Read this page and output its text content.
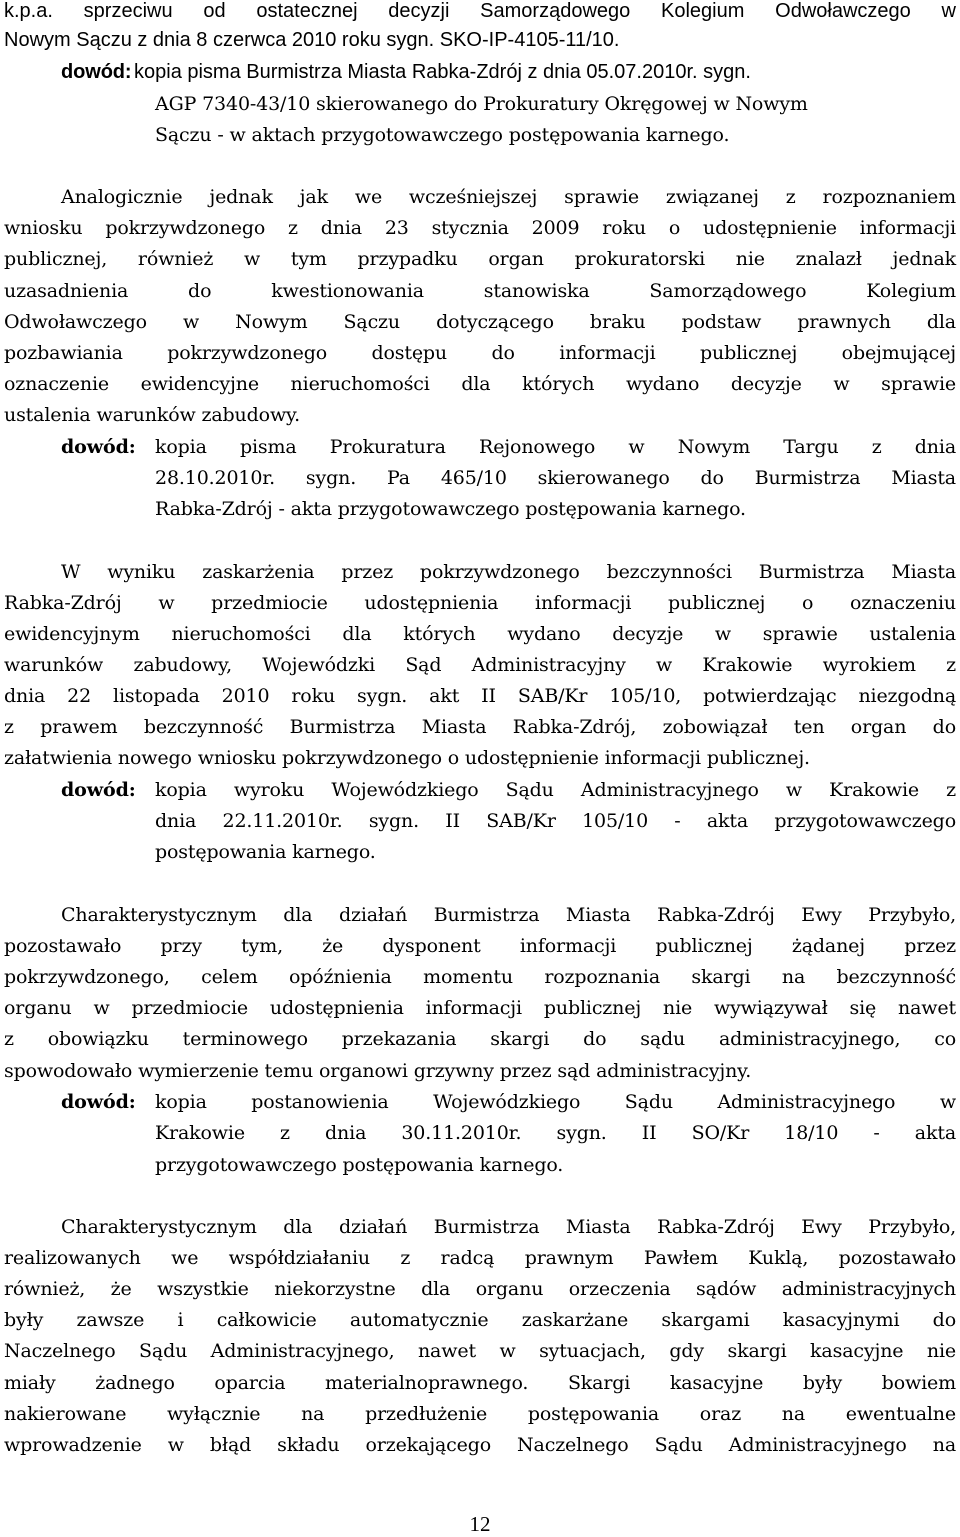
k.p.a. sprzeciwu od ostatecznej decyzji Samorządowego Kolegium Odwoławczego w
Nowym Sączu z dnia 8 czerwca 2010 roku sygn. SKO-IP-4105-11/10.
dowód: kopia pisma Burmistrza Miasta Rabka-Zdrój z dnia 05.07.2010r. sygn.
AGP 7340-43/10 skierowanego do Prokuratury Okręgowej w Nowym
Sączu - w aktach przygotowawczego postępowania karnego.
Analogicznie jednak jak we wcześniejszej sprawie związanej z rozpoznaniem
wniosku pokrzywdzonego z dnia 23 stycznia 2009 roku o udostępnienie informacji
publicznej, również w tym przypadku organ prokuratorski nie znalazł jednak
uzasadnienia do kwestionowania stanowiska Samorządowego Kolegium
Odwoławczego w Nowym Sączu dotyczącego braku podstaw prawnych dla
pozbawiania pokrzywdzonego dostępu do informacji publicznej obejmującej
oznaczenie ewidencyjne nieruchomości dla których wydano decyzje w sprawie
ustalenia warunków zabudowy.
dowód: kopia pisma Prokuratura Rejonowego w Nowym Targu z dnia
28.10.2010r. sygn. Pa 465/10 skierowanego do Burmistrza Miasta
Rabka-Zdrój - akta przygotowawczego postępowania karnego.
W wyniku zaskarżenia przez pokrzywdzonego bezczynności Burmistrza Miasta
Rabka-Zdrój w przedmiocie udostępnienia informacji publicznej o oznaczeniu
ewidencyjnym nieruchomości dla których wydano decyzje w sprawie ustalenia
warunków zabudowy, Wojewódzki Sąd Administracyjny w Krakowie wyrokiem z
dnia 22 listopada 2010 roku sygn. akt II SAB/Kr 105/10, potwierdzając niezgodną
z prawem bezczynność Burmistrza Miasta Rabka-Zdrój, zobowiązał ten organ do
załatwienia nowego wniosku pokrzywdzonego o udostępnienie informacji publicznej.
dowód: kopia wyroku Wojewódzkiego Sądu Administracyjnego w Krakowie z
dnia 22.11.2010r. sygn. II SAB/Kr 105/10 - akta przygotowawczego
postępowania karnego.
Charakterystycznym dla działań Burmistrza Miasta Rabka-Zdrój Ewy Przybyło,
pozostawało przy tym, że dysponent informacji publicznej żądanej przez
pokrzywdzonego, celem opóźnienia momentu rozpoznania skargi na bezczynność
organu w przedmiocie udostępnienia informacji publicznej nie wywiązywał się nawet
z obowiązku terminowego przekazania skargi do sądu administracyjnego, co
spowodowało wymierzenie temu organowi grzywny przez sąd administracyjny.
dowód: kopia postanowienia Wojewódzkiego Sądu Administracyjnego w
Krakowie z dnia 30.11.2010r. sygn. II SO/Kr 18/10 - akta
przygotowawczego postępowania karnego.
Charakterystycznym dla działań Burmistrza Miasta Rabka-Zdrój Ewy Przybyło,
realizowanych we współdziałaniu z radcą prawnym Pawłem Kuklą, pozostawało
również, że wszystkie niekorzystne dla organu orzeczenia sądów administracyjnych
były zawsze i całkowicie automatycznie zaskarżane skargami kasacyjnymi do
Naczelnego Sądu Administracyjnego, nawet w sytuacjach, gdy skargi kasacyjne nie
miały żadnego oparcia materialnoprawnego. Skargi kasacyjne były bowiem
nakierowane wyłącznie na przedłużenie postępowania oraz na ewentualne
wprowadzenie w błąd składu orzekającego Naczelnego Sądu Administracyjnego na
12
